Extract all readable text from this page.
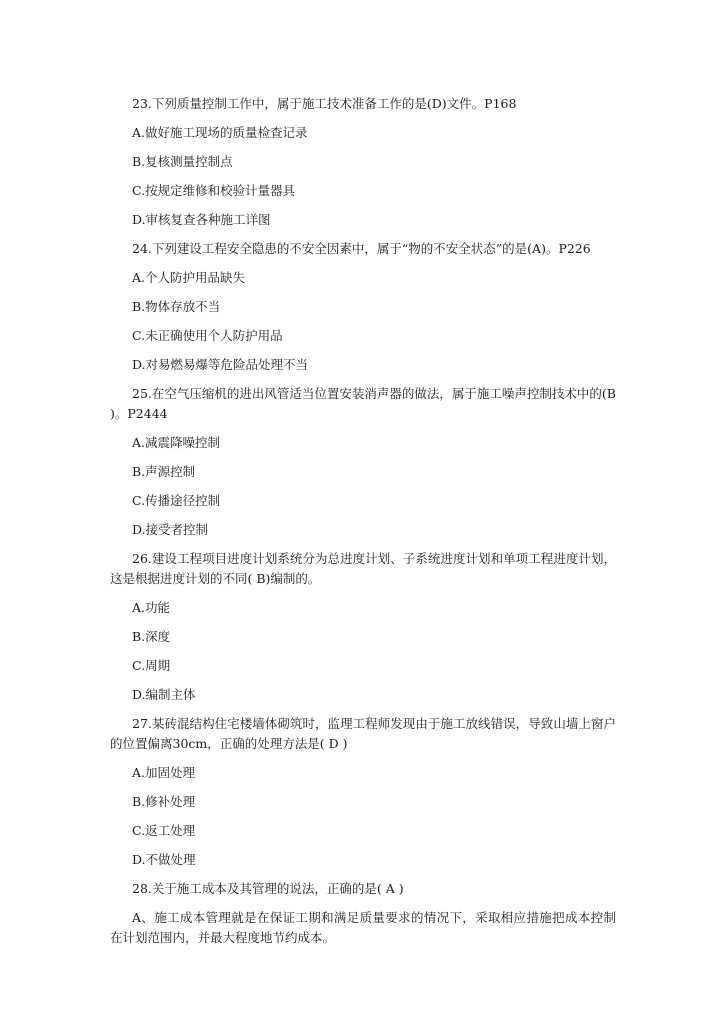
23.下列质量控制工作中，属于施工技术准备工作的是(D)文件。P168
A.做好施工现场的质量检查记录
B.复核测量控制点
C.按规定维修和校验计量器具
D.审核复查各种施工详图
24.下列建设工程安全隐患的不安全因素中，属于“物的不安全状态”的是(A)。P226
A.个人防护用品缺失
B.物体存放不当
C.未正确使用个人防护用品
D.对易燃易爆等危险品处理不当
25.在空气压缩机的进出风管适当位置安装消声器的做法，属于施工噪声控制技术中的(B )。P2444
A.减震降噪控制
B.声源控制
C.传播途径控制
D.接受者控制
26.建设工程项目进度计划系统分为总进度计划、子系统进度计划和单项工程进度计划，这是根据进度计划的不同( B)编制的。
A.功能
B.深度
C.周期
D.编制主体
27.某砖混结构住宅楼墙体砌筑时，监理工程师发现由于施工放线错误，导致山墙上窗户的位置偏离30cm，正确的处理方法是( D )
A.加固处理
B.修补处理
C.返工处理
D.不做处理
28.关于施工成本及其管理的说法，正确的是( A )
A、施工成本管理就是在保证工期和满足质量要求的情况下，采取相应措施把成本控制在计划范围内，并最大程度地节约成本。
